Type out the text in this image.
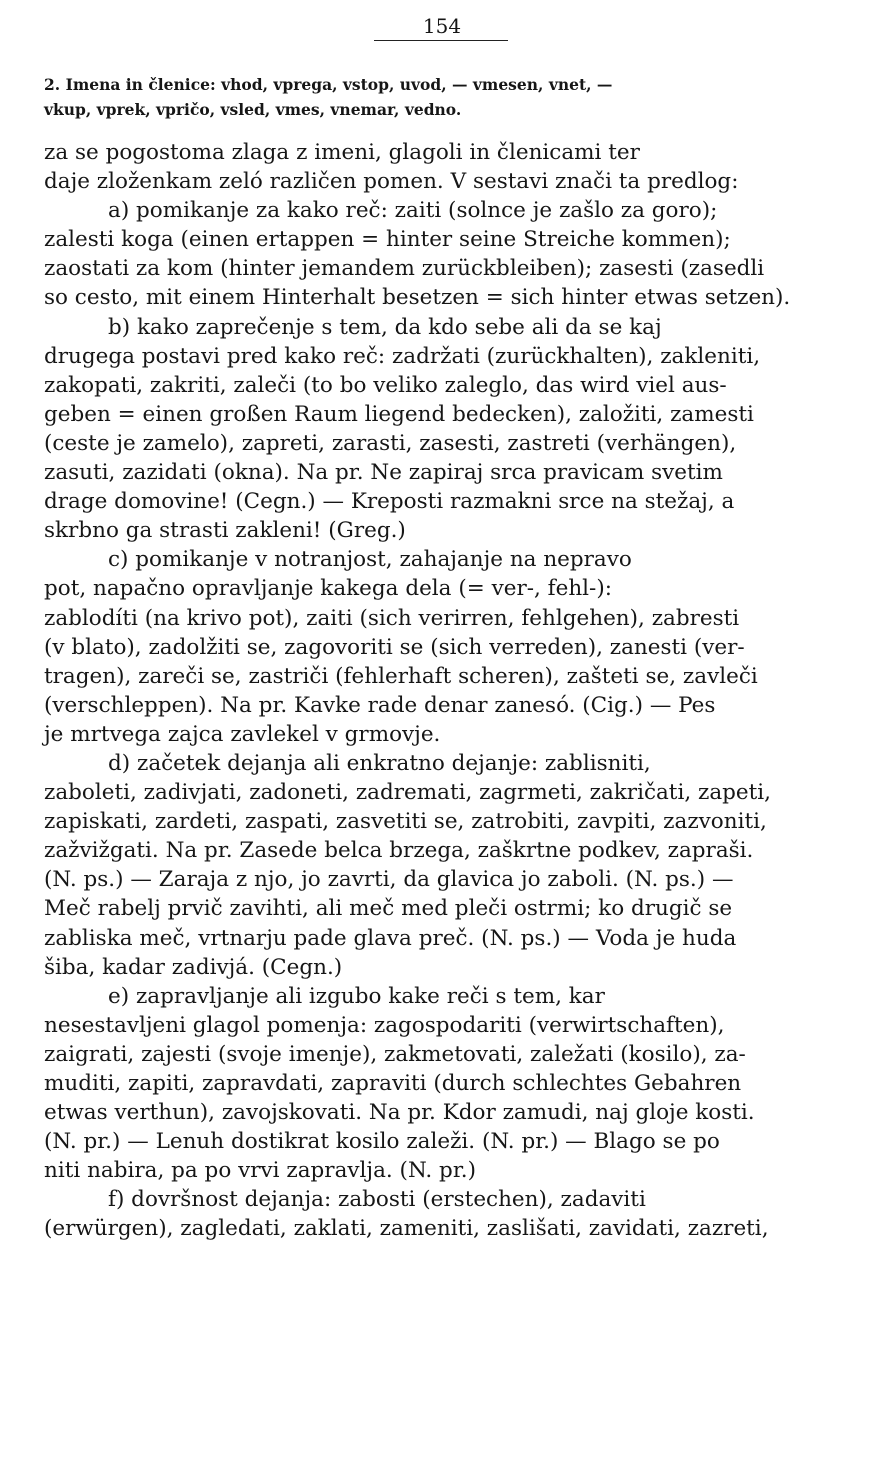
154
2. Imena in členice: vhod, vprega, vstop, uvod, — vmesen, vnet, —
vkup, vprek, vpričo, vsled, vmes, vnemar, vedno.
za se pogostoma zlaga z imeni, glagoli in členicami ter
daje zloženkam zeló različen pomen. V sestavi znači ta predlog:
a) pomikanje za kako reč: zaiti (solnce je zašlo za goro);
zalesti koga (einen ertappen = hinter seine Streiche kommen);
zaostati za kom (hinter jemandem zurückbleiben); zasesti (zasedli
so cesto, mit einem Hinterhalt besetzen = sich hinter etwas setzen).
b) kako zaprečenje s tem, da kdo sebe ali da se kaj
drugega postavi pred kako reč: zadržati (zurückhalten), zakleniti,
zakopati, zakriti, zaleči (to bo veliko zaleglo, das wird viel aus-
geben = einen großen Raum liegend bedecken), založiti, zamesti
(ceste je zamelo), zapreti, zarasti, zasesti, zastreti (verhängen),
zasuti, zazidati (okna). Na pr. Ne zapiraj srca pravicam svetim
drage domovine! (Cegn.) — Kreposti razmakni srce na stežaj, a
skrbno ga strasti zakleni! (Greg.)
c) pomikanje v notranjost, zahajanje na nepravo
pot, napačno opravljanje kakega dela (= ver-, fehl-):
zablodíti (na krivo pot), zaiti (sich verirren, fehlgehen), zabresti
(v blato), zadolžiti se, zagovoriti se (sich verreden), zanesti (ver-
tragen), zareči se, zastriči (fehlerhaft scheren), zašteti se, zavleči
(verschleppen). Na pr. Kavke rade denar zanesó. (Cig.) — Pes
je mrtvega zajca zavlekel v grmovje.
d) začetek dejanja ali enkratno dejanje: zablisniti,
zaboleti, zadivjati, zadoneti, zadremati, zagrmeti, zakričati, zapeti,
zapiskati, zardeti, zaspati, zasvetiti se, zatrobiti, zavpiti, zazvoniti,
zažvižgati. Na pr. Zasede belca brzega, zaškrtne podkev, zapraši.
(N. ps.) — Zaraja z njo, jo zavrti, da glavica jo zaboli. (N. ps.) —
Meč rabelj prvič zavihti, ali meč med pleči ostrmi; ko drugič se
zabliska meč, vrtnarju pade glava preč. (N. ps.) — Voda je huda
šiba, kadar zadivjá. (Cegn.)
e) zapravljanje ali izgubo kake reči s tem, kar
nesestavljeni glagol pomenja: zagospodariti (verwirtschaften),
zaigrati, zajesti (svoje imenje), zakmetovati, zaležati (kosilo), za-
muditi, zapiti, zapravdati, zapraviti (durch schlechtes Gebahren
etwas verthun), zavojskovati. Na pr. Kdor zamudi, naj gloje kosti.
(N. pr.) — Lenuh dostikrat kosilo zaleži. (N. pr.) — Blago se po
niti nabira, pa po vrvi zapravlja. (N. pr.)
f) dovršnost dejanja: zabosti (erstechen), zadaviti
(erwürgen), zagledati, zaklati, zameniti, zaslišati, zavidati, zazreti,
